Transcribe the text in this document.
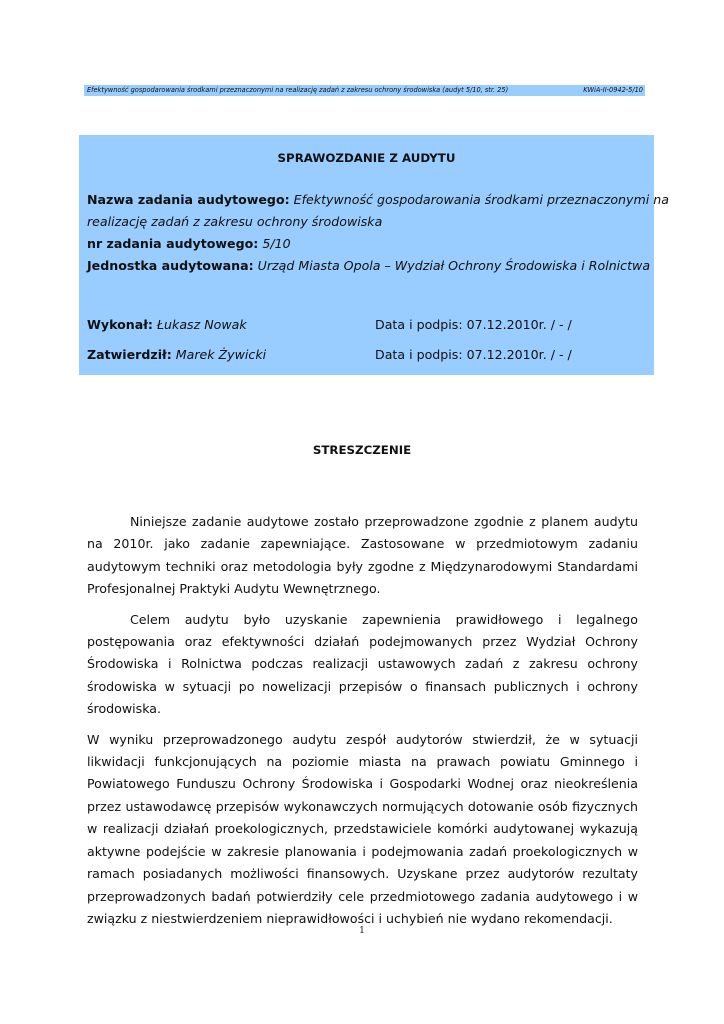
Efektywność gospodarowania środkami przeznaczonymi na realizację zadań z zakresu ochrony środowiska (audyt 5/10, str. 25)	KWiA-II-0942-5/10
SPRAWOZDANIE Z AUDYTU
Nazwa zadania audytowego: Efektywność gospodarowania środkami przeznaczonymi na
realizację zadań z zakresu ochrony środowiska
nr zadania audytowego: 5/10
Jednostka audytowana: Urząd Miasta Opola – Wydział Ochrony Środowiska i Rolnictwa
Wykonał: Łukasz Nowak	Data i podpis: 07.12.2010r. / - /
Zatwierdził: Marek Żywicki	Data i podpis: 07.12.2010r. / - /
STRESZCZENIE

Niniejsze zadanie audytowe zostało przeprowadzone zgodnie z planem audytu na 2010r. jako zadanie zapewniające. Zastosowane w przedmiotowym zadaniu audytowym techniki oraz metodologia były zgodne z Międzynarodowymi Standardami Profesjonalnej Praktyki Audytu Wewnętrznego.

Celem audytu było uzyskanie zapewnienia prawidłowego i legalnego postępowania oraz efektywności działań podejmowanych przez Wydział Ochrony Środowiska i Rolnictwa podczas realizacji ustawowych zadań z zakresu ochrony środowiska w sytuacji po nowelizacji przepisów o finansach publicznych i ochrony środowiska.

W wyniku przeprowadzonego audytu zespół audytorów stwierdził, że w sytuacji likwidacji funkcjonujących na poziomie miasta na prawach powiatu Gminnego i Powiatowego Funduszu Ochrony Środowiska i Gospodarki Wodnej oraz nieokreślenia przez ustawodawcę przepisów wykonawczych normujących dotowanie osób fizycznych w realizacji działań proekologicznych, przedstawiciele komórki audytowanej wykazują aktywne podejście w zakresie planowania i podejmowania zadań proekologicznych w ramach posiadanych możliwości finansowych. Uzyskane przez audytorów rezultaty przeprowadzonych badań potwierdziły cele przedmiotowego zadania audytowego i w związku z niestwierdzeniem nieprawidłowości i uchybień nie wydano rekomendacji.

1
